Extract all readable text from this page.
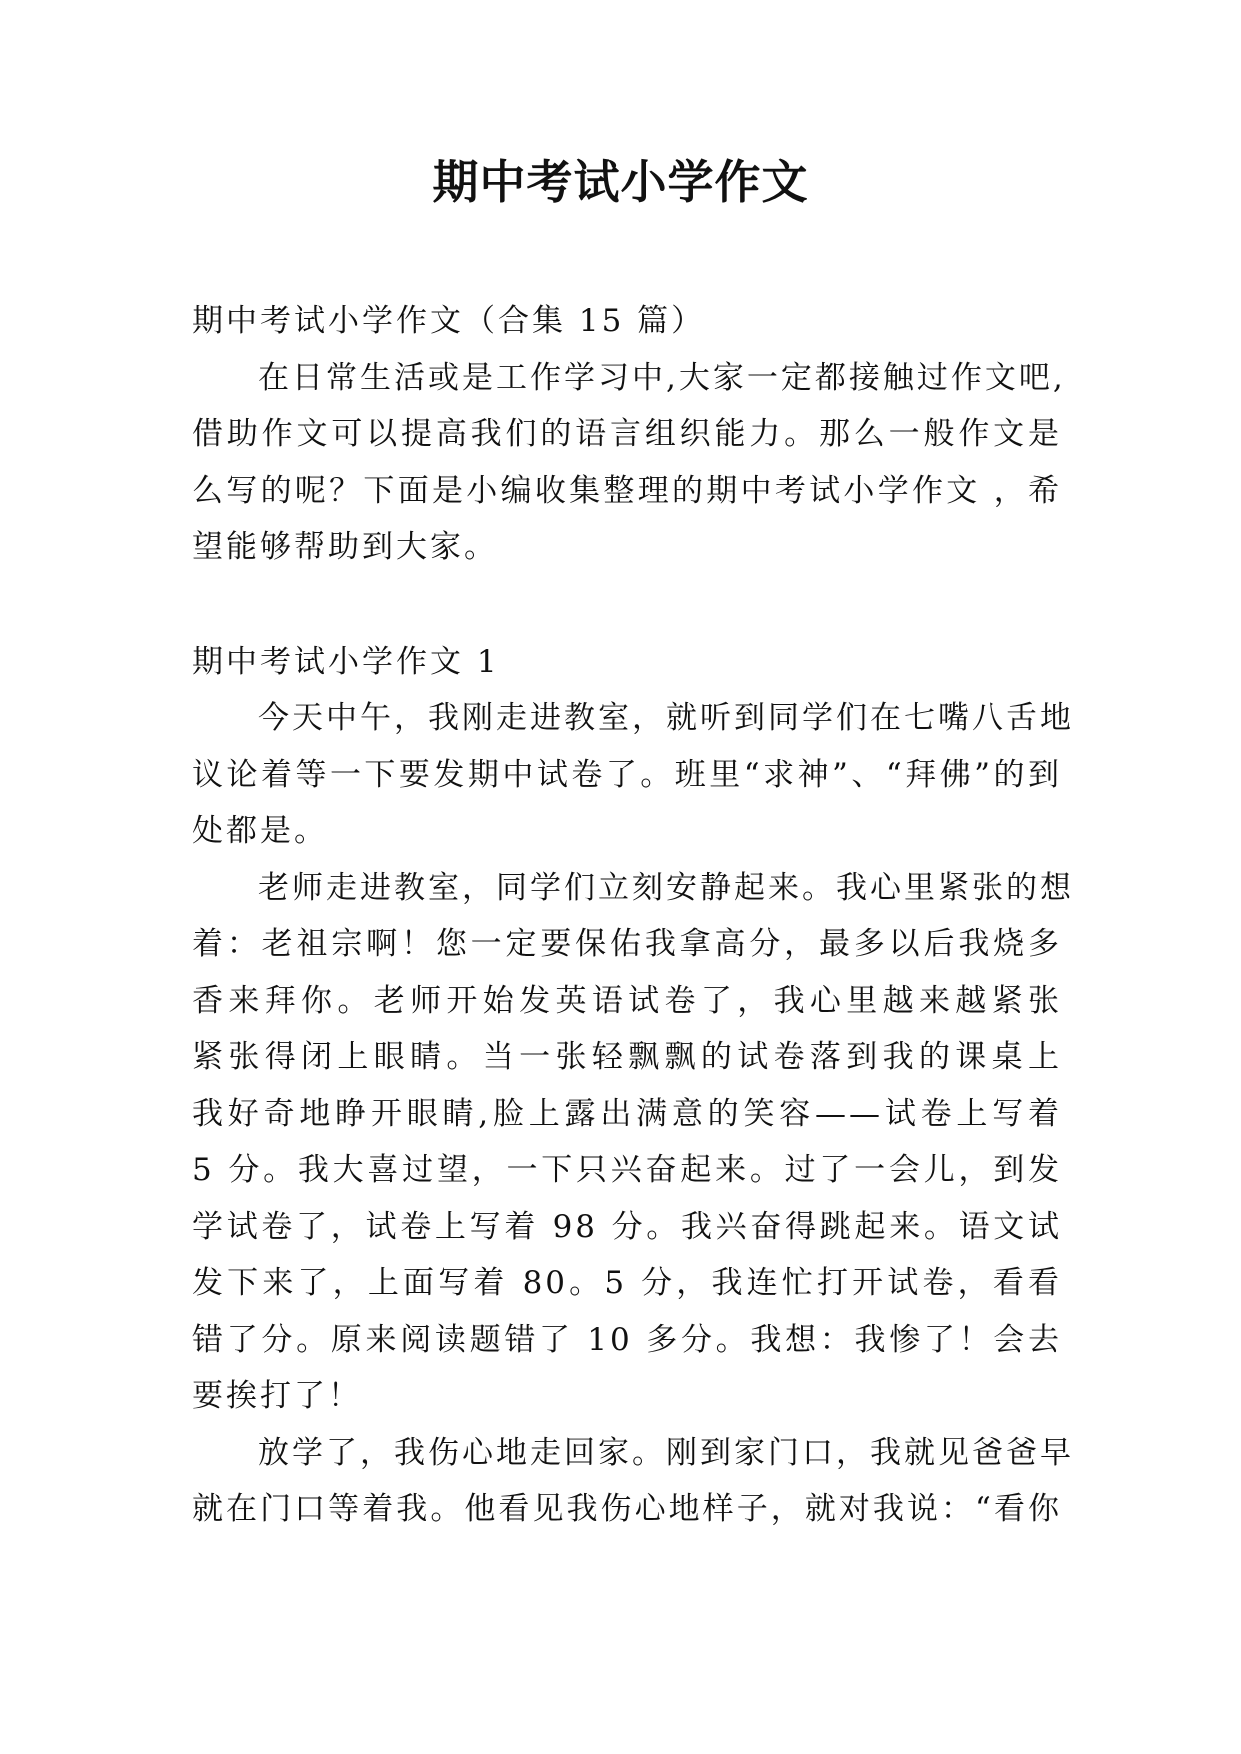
期中考试小学作文
期中考试小学作文（合集 15 篇）
在日常生活或是工作学习中,大家一定都接触过作文吧,
借助作文可以提高我们的语言组织能力。那么一般作文是
么写的呢？下面是小编收集整理的期中考试小学作文 ，希
望能够帮助到大家。
期中考试小学作文 1
今天中午，我刚走进教室，就听到同学们在七嘴八舌地
议论着等一下要发期中试卷了。班里“求神”、“拜佛”的到
处都是。
老师走进教室，同学们立刻安静起来。我心里紧张的想
着：老祖宗啊！您一定要保佑我拿高分，最多以后我烧多
香来拜你。老师开始发英语试卷了，我心里越来越紧张
紧张得闭上眼睛。当一张轻飘飘的试卷落到我的课桌上
我好奇地睁开眼睛,脸上露出满意的笑容——试卷上写着
5 分。我大喜过望，一下只兴奋起来。过了一会儿，到发
学试卷了，试卷上写着 98 分。我兴奋得跳起来。语文试
发下来了，上面写着 80。5 分，我连忙打开试卷，看看
错了分。原来阅读题错了 10 多分。我想：我惨了！会去
要挨打了！
放学了，我伤心地走回家。刚到家门口，我就见爸爸早
就在门口等着我。他看见我伤心地样子，就对我说：“看你
